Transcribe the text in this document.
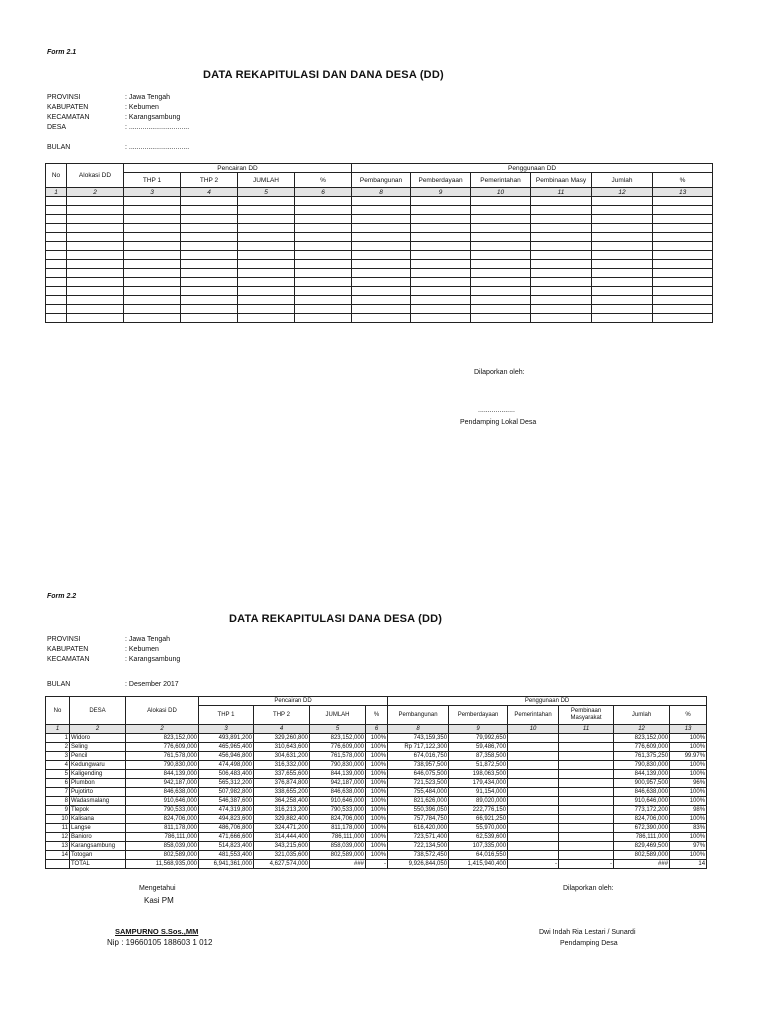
Form 2.1
DATA REKAPITULASI DAN DANA DESA (DD)
PROVINSI	: Jawa Tengah
KABUPATEN	: Kebumen
KECAMATAN	: Karangsambung
DESA	: ...............................
BULAN	: ...............................
No	Alokasi DD	Pencairan DD				Penggunaan DD					
		THP 1	THP 2	JUMLAH	%	Pembangunan	Pemberdayaan	Pemerintahan	Pembinaan Masy	Jumlah	%
1	2	3	4	5	6	8	9	10	11	12	13

Dilaporkan oleh:
...................
Pendamping Lokal Desa
Form 2.2
DATA REKAPITULASI DANA DESA (DD)
PROVINSI	: Jawa Tengah
KABUPATEN	: Kebumen
KECAMATAN	: Karangsambung
BULAN	: Desember 2017
No	DESA	Alokasi DD	Pencairan DD				Penggunaan DD					
			THP 1	THP 2	JUMLAH	%	Pembangunan	Pemberdayaan	Pemerintahan	Pembinaan Masyarakat	Jumlah	%
1	2	2	3	4	5	6	8	9	10	11	12	13
1	Widoro	823,152,000	493,891,200	329,260,800	823,152,000	100%	743,159,350	79,992,650			823,152,000	100%
2	Seling	776,609,000	465,965,400	310,643,600	776,609,000	100%	Rp 717,122,300	59,486,700			776,609,000	100%
3	Pencil	761,578,000	456,946,800	304,631,200	761,578,000	100%	674,016,750	87,358,500			761,375,250	99.97%
4	Kedungwaru	790,830,000	474,498,000	316,332,000	790,830,000	100%	738,957,500	51,872,500			790,830,000	100%
5	Kaligending	844,139,000	506,483,400	337,655,600	844,139,000	100%	646,075,500	198,063,500			844,139,000	100%
6	Plumbon	942,187,000	565,312,200	376,874,800	942,187,000	100%	721,523,500	179,434,000			900,957,500	96%
7	Pujotirto	846,638,000	507,982,800	338,655,200	846,638,000	100%	755,484,000	91,154,000			846,638,000	100%
8	Wadasmalang	910,646,000	546,387,600	364,258,400	910,646,000	100%	821,626,000	89,020,000			910,646,000	100%
9	Tlepok	790,533,000	474,319,800	316,213,200	790,533,000	100%	550,396,050	222,776,150			773,172,200	98%
10	Kalisana	824,706,000	494,823,600	329,882,400	824,706,000	100%	757,784,750	66,921,250			824,706,000	100%
11	Langse	811,178,000	486,706,800	324,471,200	811,178,000	100%	616,420,000	55,970,000			672,390,000	83%
12	Banioro	786,111,000	471,666,600	314,444,400	786,111,000	100%	723,571,400	62,539,600			786,111,000	100%
13	Karangsambung	858,039,000	514,823,400	343,215,600	858,039,000	100%	722,134,500	107,335,000			829,469,500	97%
14	Totogan	802,589,000	481,553,400	321,035,600	802,589,000	100%	738,572,450	64,016,550			802,589,000	100%
	TOTAL	11,568,935,000	6,941,361,000	4,627,574,000	###	-	9,926,844,050	1,415,940,400	-	-	###	14
Mengetahui
Kasi PM
Dilaporkan oleh:
SAMPURNO S.Sos.,MM
Nip : 19660105 188603 1 012
Dwi Indah Ria Lestari / Sunardi
Pendamping Desa
